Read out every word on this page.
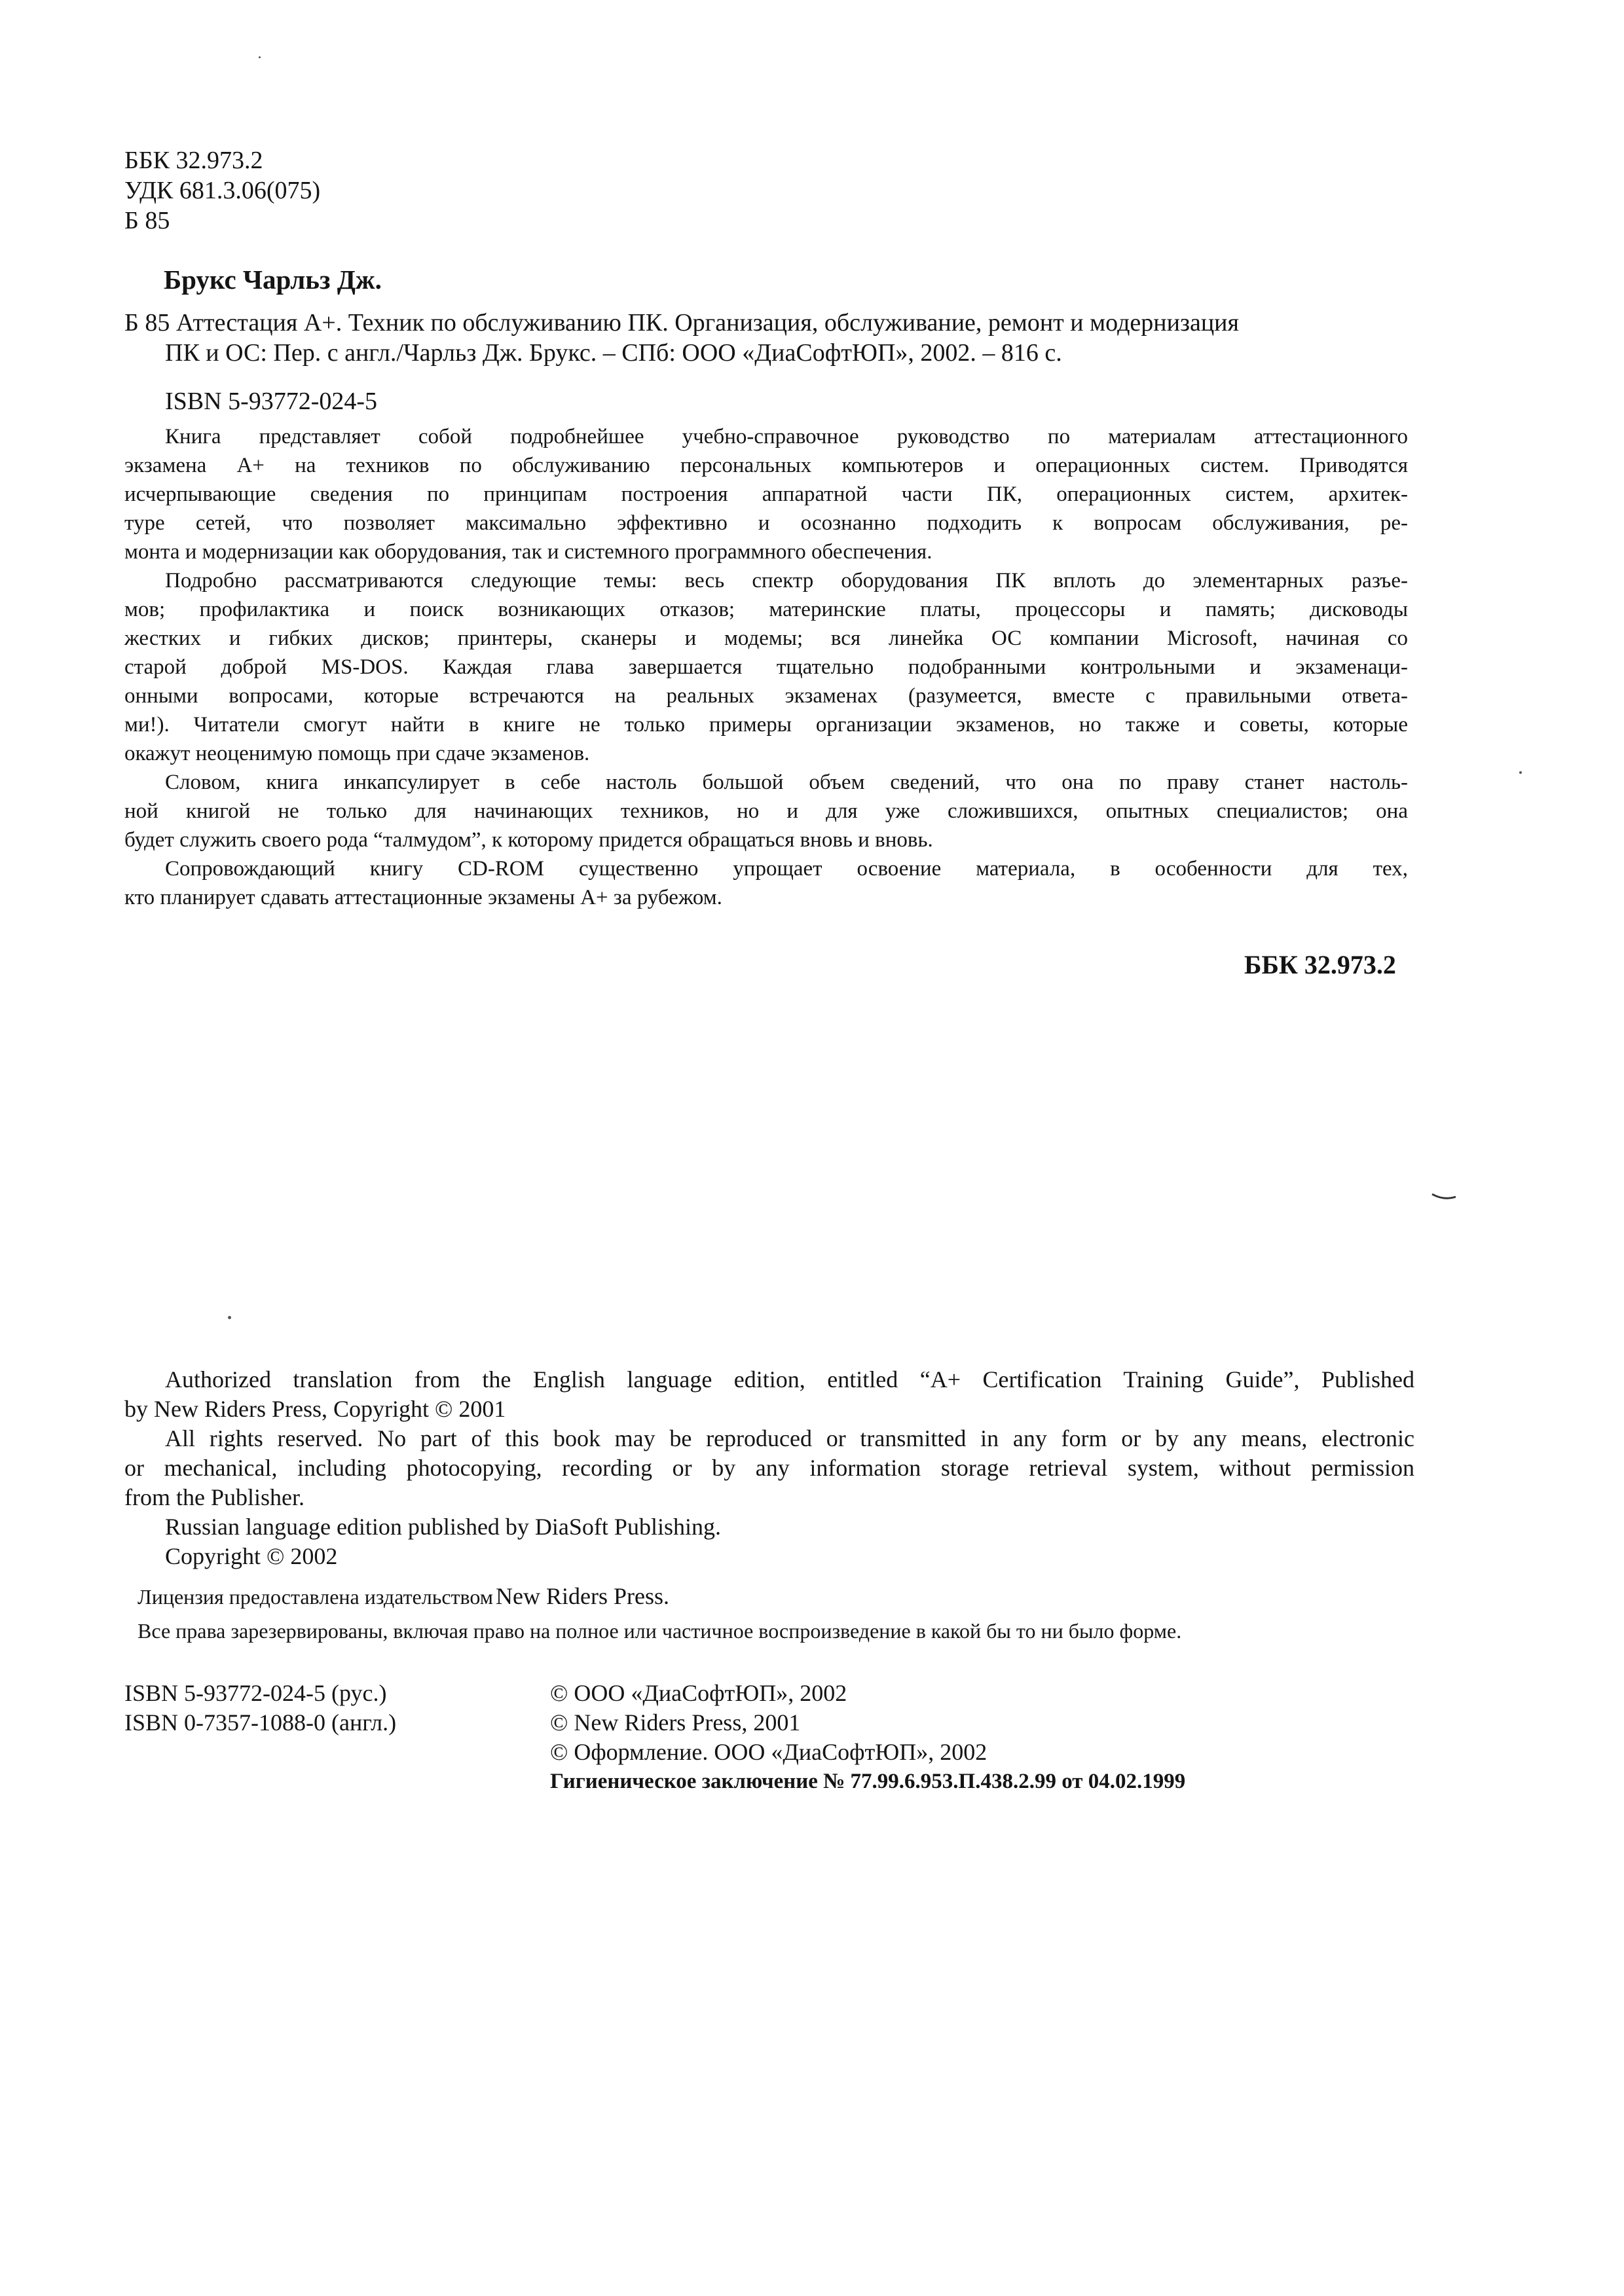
ББК 32.973.2
УДК 681.3.06(075)
Б 85
Брукс Чарльз Дж.
Б 85 Аттестация А+. Техник по обслуживанию ПК. Организация, обслуживание, ремонт и модернизация
ПК и ОС: Пер. с англ./Чарльз Дж. Брукс. – СПб: ООО «ДиаСофтЮП», 2002. – 816 с.
ISBN 5-93772-024-5
Книга представляет собой подробнейшее учебно-справочное руководство по материалам аттестационного
экзамена А+ на техников по обслуживанию персональных компьютеров и операционных систем. Приводятся
исчерпывающие сведения по принципам построения аппаратной части ПК, операционных систем, архитек-
туре сетей, что позволяет максимально эффективно и осознанно подходить к вопросам обслуживания, ре-
монта и модернизации как оборудования, так и системного программного обеспечения.
Подробно рассматриваются следующие темы: весь спектр оборудования ПК вплоть до элементарных разъе-
мов; профилактика и поиск возникающих отказов; материнские платы, процессоры и память; дисководы
жестких и гибких дисков; принтеры, сканеры и модемы; вся линейка ОС компании Microsoft, начиная со
старой доброй MS-DOS. Каждая глава завершается тщательно подобранными контрольными и экзаменаци-
онными вопросами, которые встречаются на реальных экзаменах (разумеется, вместе с правильными ответа-
ми!). Читатели смогут найти в книге не только примеры организации экзаменов, но также и советы, которые
окажут неоценимую помощь при сдаче экзаменов.
Словом, книга инкапсулирует в себе настоль большой объем сведений, что она по праву станет настоль-
ной книгой не только для начинающих техников, но и для уже сложившихся, опытных специалистов; она
будет служить своего рода “талмудом”, к которому придется обращаться вновь и вновь.
Сопровождающий книгу CD-ROM существенно упрощает освоение материала, в особенности для тех,
кто планирует сдавать аттестационные экзамены А+ за рубежом.
ББК 32.973.2
Authorized translation from the English language edition, entitled “A+ Certification Training Guide”, Published
by New Riders Press, Copyright © 2001
All rights reserved. No part of this book may be reproduced or transmitted in any form or by any means, electronic
or mechanical, including photocopying, recording or by any information storage retrieval system, without permission
from the Publisher.
Russian language edition published by DiaSoft Publishing.
Copyright © 2002
Лицензия предоставлена издательством New Riders Press.
Все права зарезервированы, включая право на полное или частичное воспроизведение в какой бы то ни было форме.
ISBN 5-93772-024-5 (рус.)
ISBN 0-7357-1088-0 (англ.)
© ООО «ДиаСофтЮП», 2002
© New Riders Press, 2001
© Оформление. ООО «ДиаСофтЮП», 2002
Гигиеническое заключение № 77.99.6.953.П.438.2.99 от 04.02.1999
